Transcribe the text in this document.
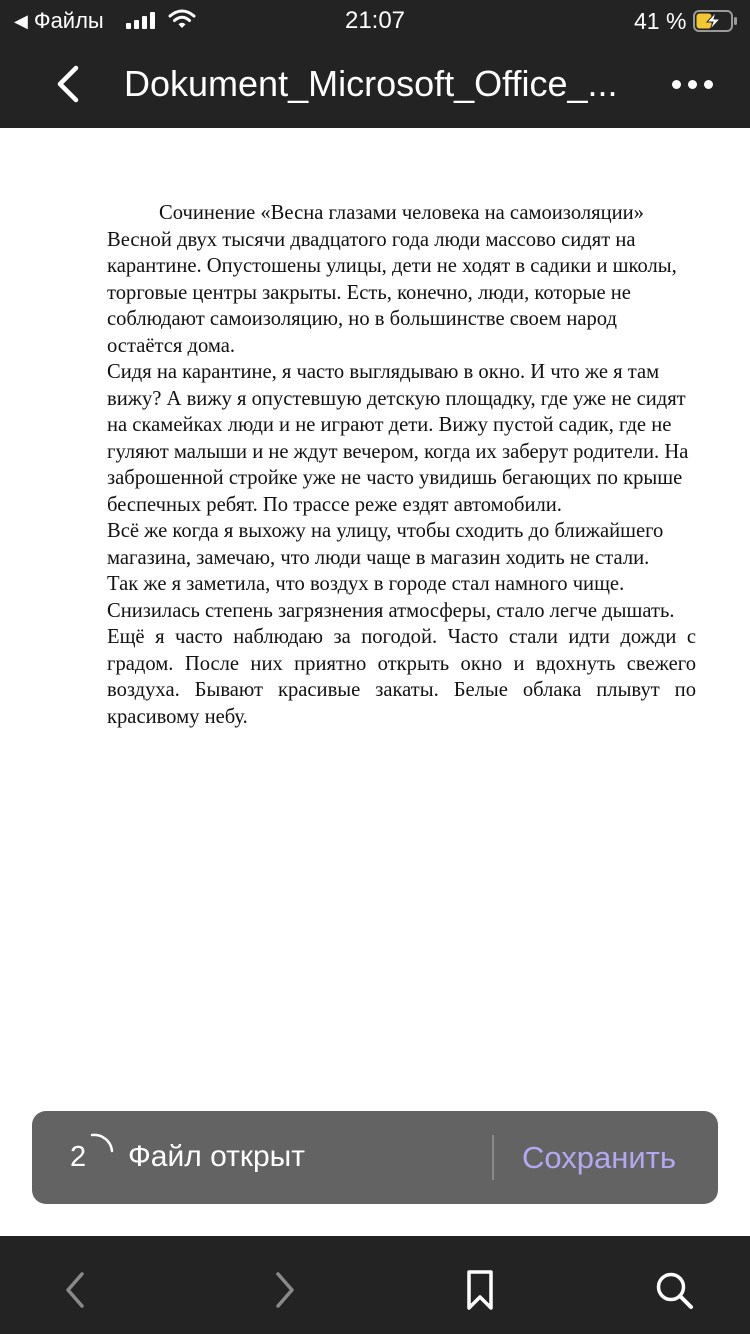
◀ Файлы	21:07	41 %
Dokument_Microsoft_Office_...

Сочинение «Весна глазами человека на самоизоляции»

Весной двух тысячи двадцатого года люди массово сидят на карантине. Опустошены улицы, дети не ходят в садики и школы, торговые центры закрыты. Есть, конечно, люди, которые не соблюдают самоизоляцию, но в большинстве своем народ остаётся дома.

Сидя на карантине, я часто выглядываю в окно. И что же я там вижу? А вижу я опустевшую детскую площадку, где уже не сидят на скамейках люди и не играют дети. Вижу пустой садик, где не гуляют малыши и не ждут вечером, когда их заберут родители. На заброшенной стройке уже не часто увидишь бегающих по крыше беспечных ребят. По трассе реже ездят автомобили.

Всё же когда я выхожу на улицу, чтобы сходить до ближайшего магазина, замечаю, что люди чаще в магазин ходить не стали.

Так же я заметила, что воздух в городе стал намного чище. Снизилась степень загрязнения атмосферы, стало легче дышать.

Ещё я часто наблюдаю за погодой. Часто стали идти дожди с градом. После них приятно открыть окно и вдохнуть свежего воздуха. Бывают красивые закаты. Белые облака плывут по красивому небу.

2 Файл открыт	Сохранить
